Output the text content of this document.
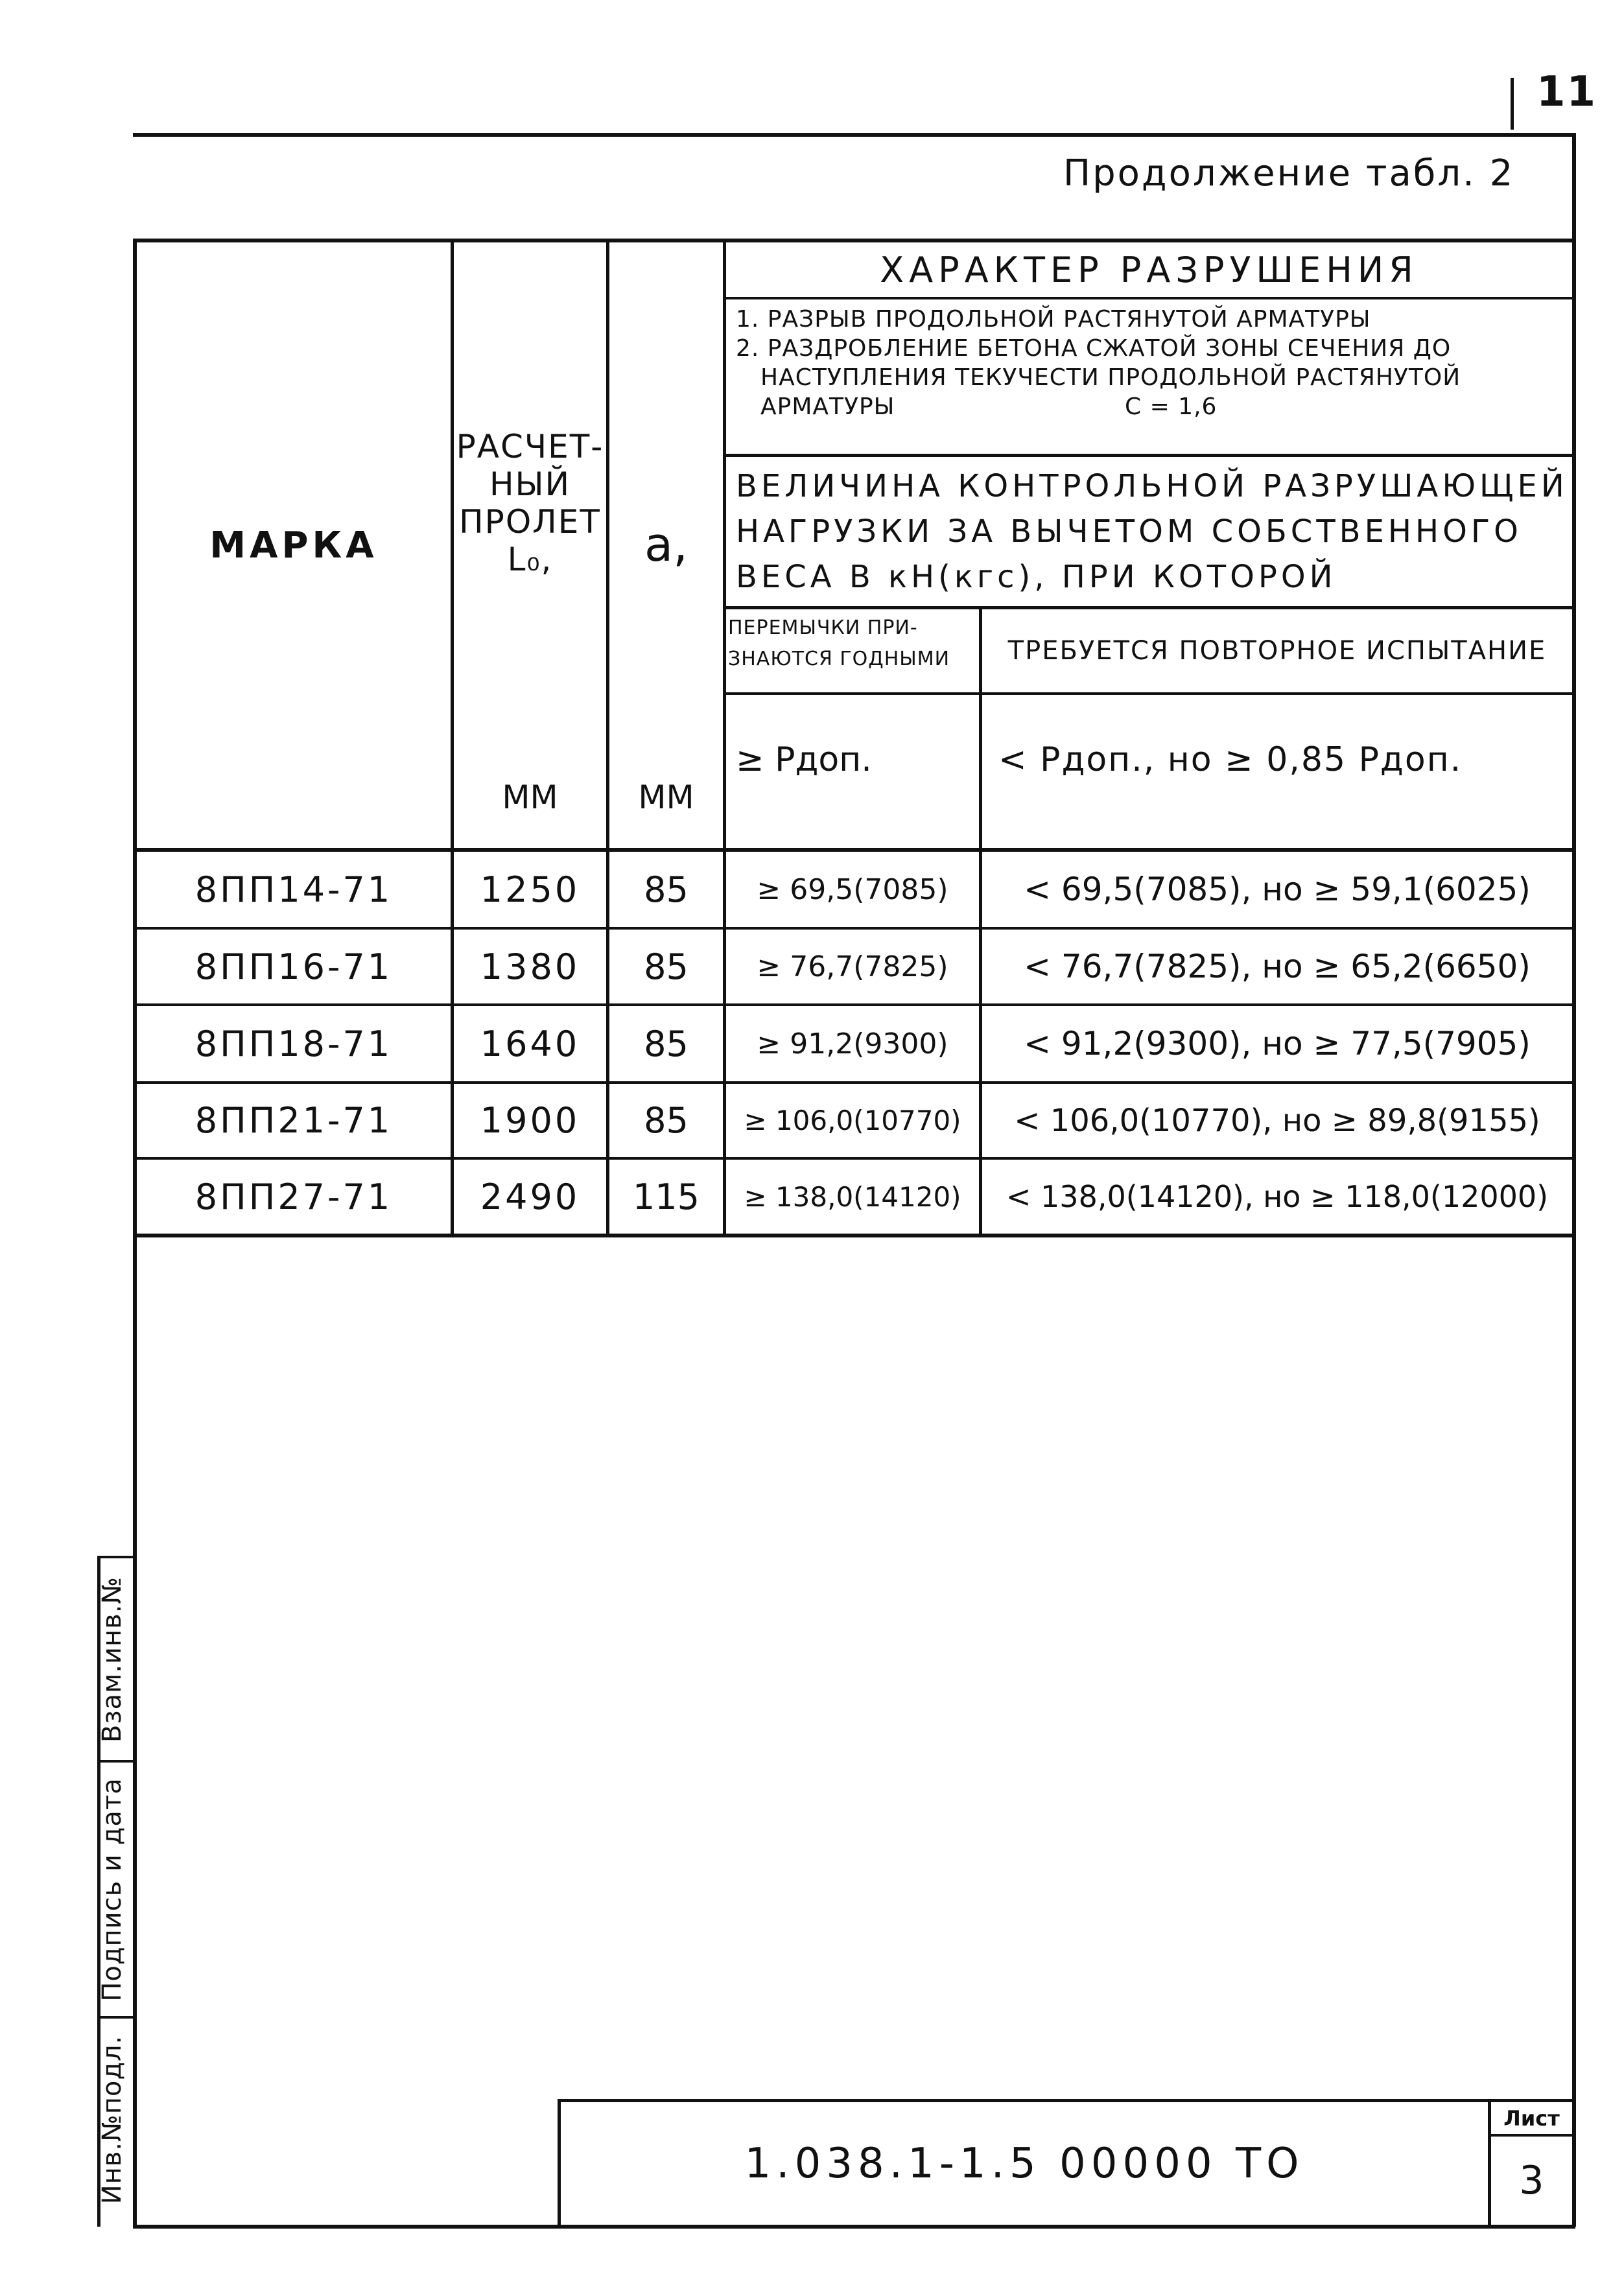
11
Продолжение табл. 2
МАРКА
РАСЧЕТ-
НЫЙ
ПРОЛЕТ
L₀,
ММ
a,
ММ
ХАРАКТЕР РАЗРУШЕНИЯ
1. РАЗРЫВ ПРОДОЛЬНОЙ РАСТЯНУТОЙ АРМАТУРЫ
2. РАЗДРОБЛЕНИЕ БЕТОНА СЖАТОЙ ЗОНЫ СЕЧЕНИЯ ДО
НАСТУПЛЕНИЯ ТЕКУЧЕСТИ ПРОДОЛЬНОЙ РАСТЯНУТОЙ
АРМАТУРЫ	С = 1,6
ВЕЛИЧИНА КОНТРОЛЬНОЙ РАЗРУШАЮЩЕЙ
НАГРУЗКИ ЗА ВЫЧЕТОМ СОБСТВЕННОГО
ВЕСА В кН(кгс), ПРИ КОТОРОЙ
ПЕРЕМЫЧКИ ПРИ-
ЗНАЮТСЯ ГОДНЫМИ	ТРЕБУЕТСЯ ПОВТОРНОЕ ИСПЫТАНИЕ
≥ Рдоп.	< Рдоп., но ≥ 0,85 Рдоп.
8ПП14-71	1250	85	≥ 69,5(7085)	< 69,5(7085), но ≥ 59,1(6025)
8ПП16-71	1380	85	≥ 76,7(7825)	< 76,7(7825), но ≥ 65,2(6650)
8ПП18-71	1640	85	≥ 91,2(9300)	< 91,2(9300), но ≥ 77,5(7905)
8ПП21-71	1900	85	≥ 106,0(10770)	< 106,0(10770), но ≥ 89,8(9155)
8ПП27-71	2490	115	≥ 138,0(14120)	< 138,0(14120), но ≥ 118,0(12000)
Инв.№подл.
Подпись и дата
Взам.инв.№
1.038.1-1.5 00000 ТО
Лист
3
